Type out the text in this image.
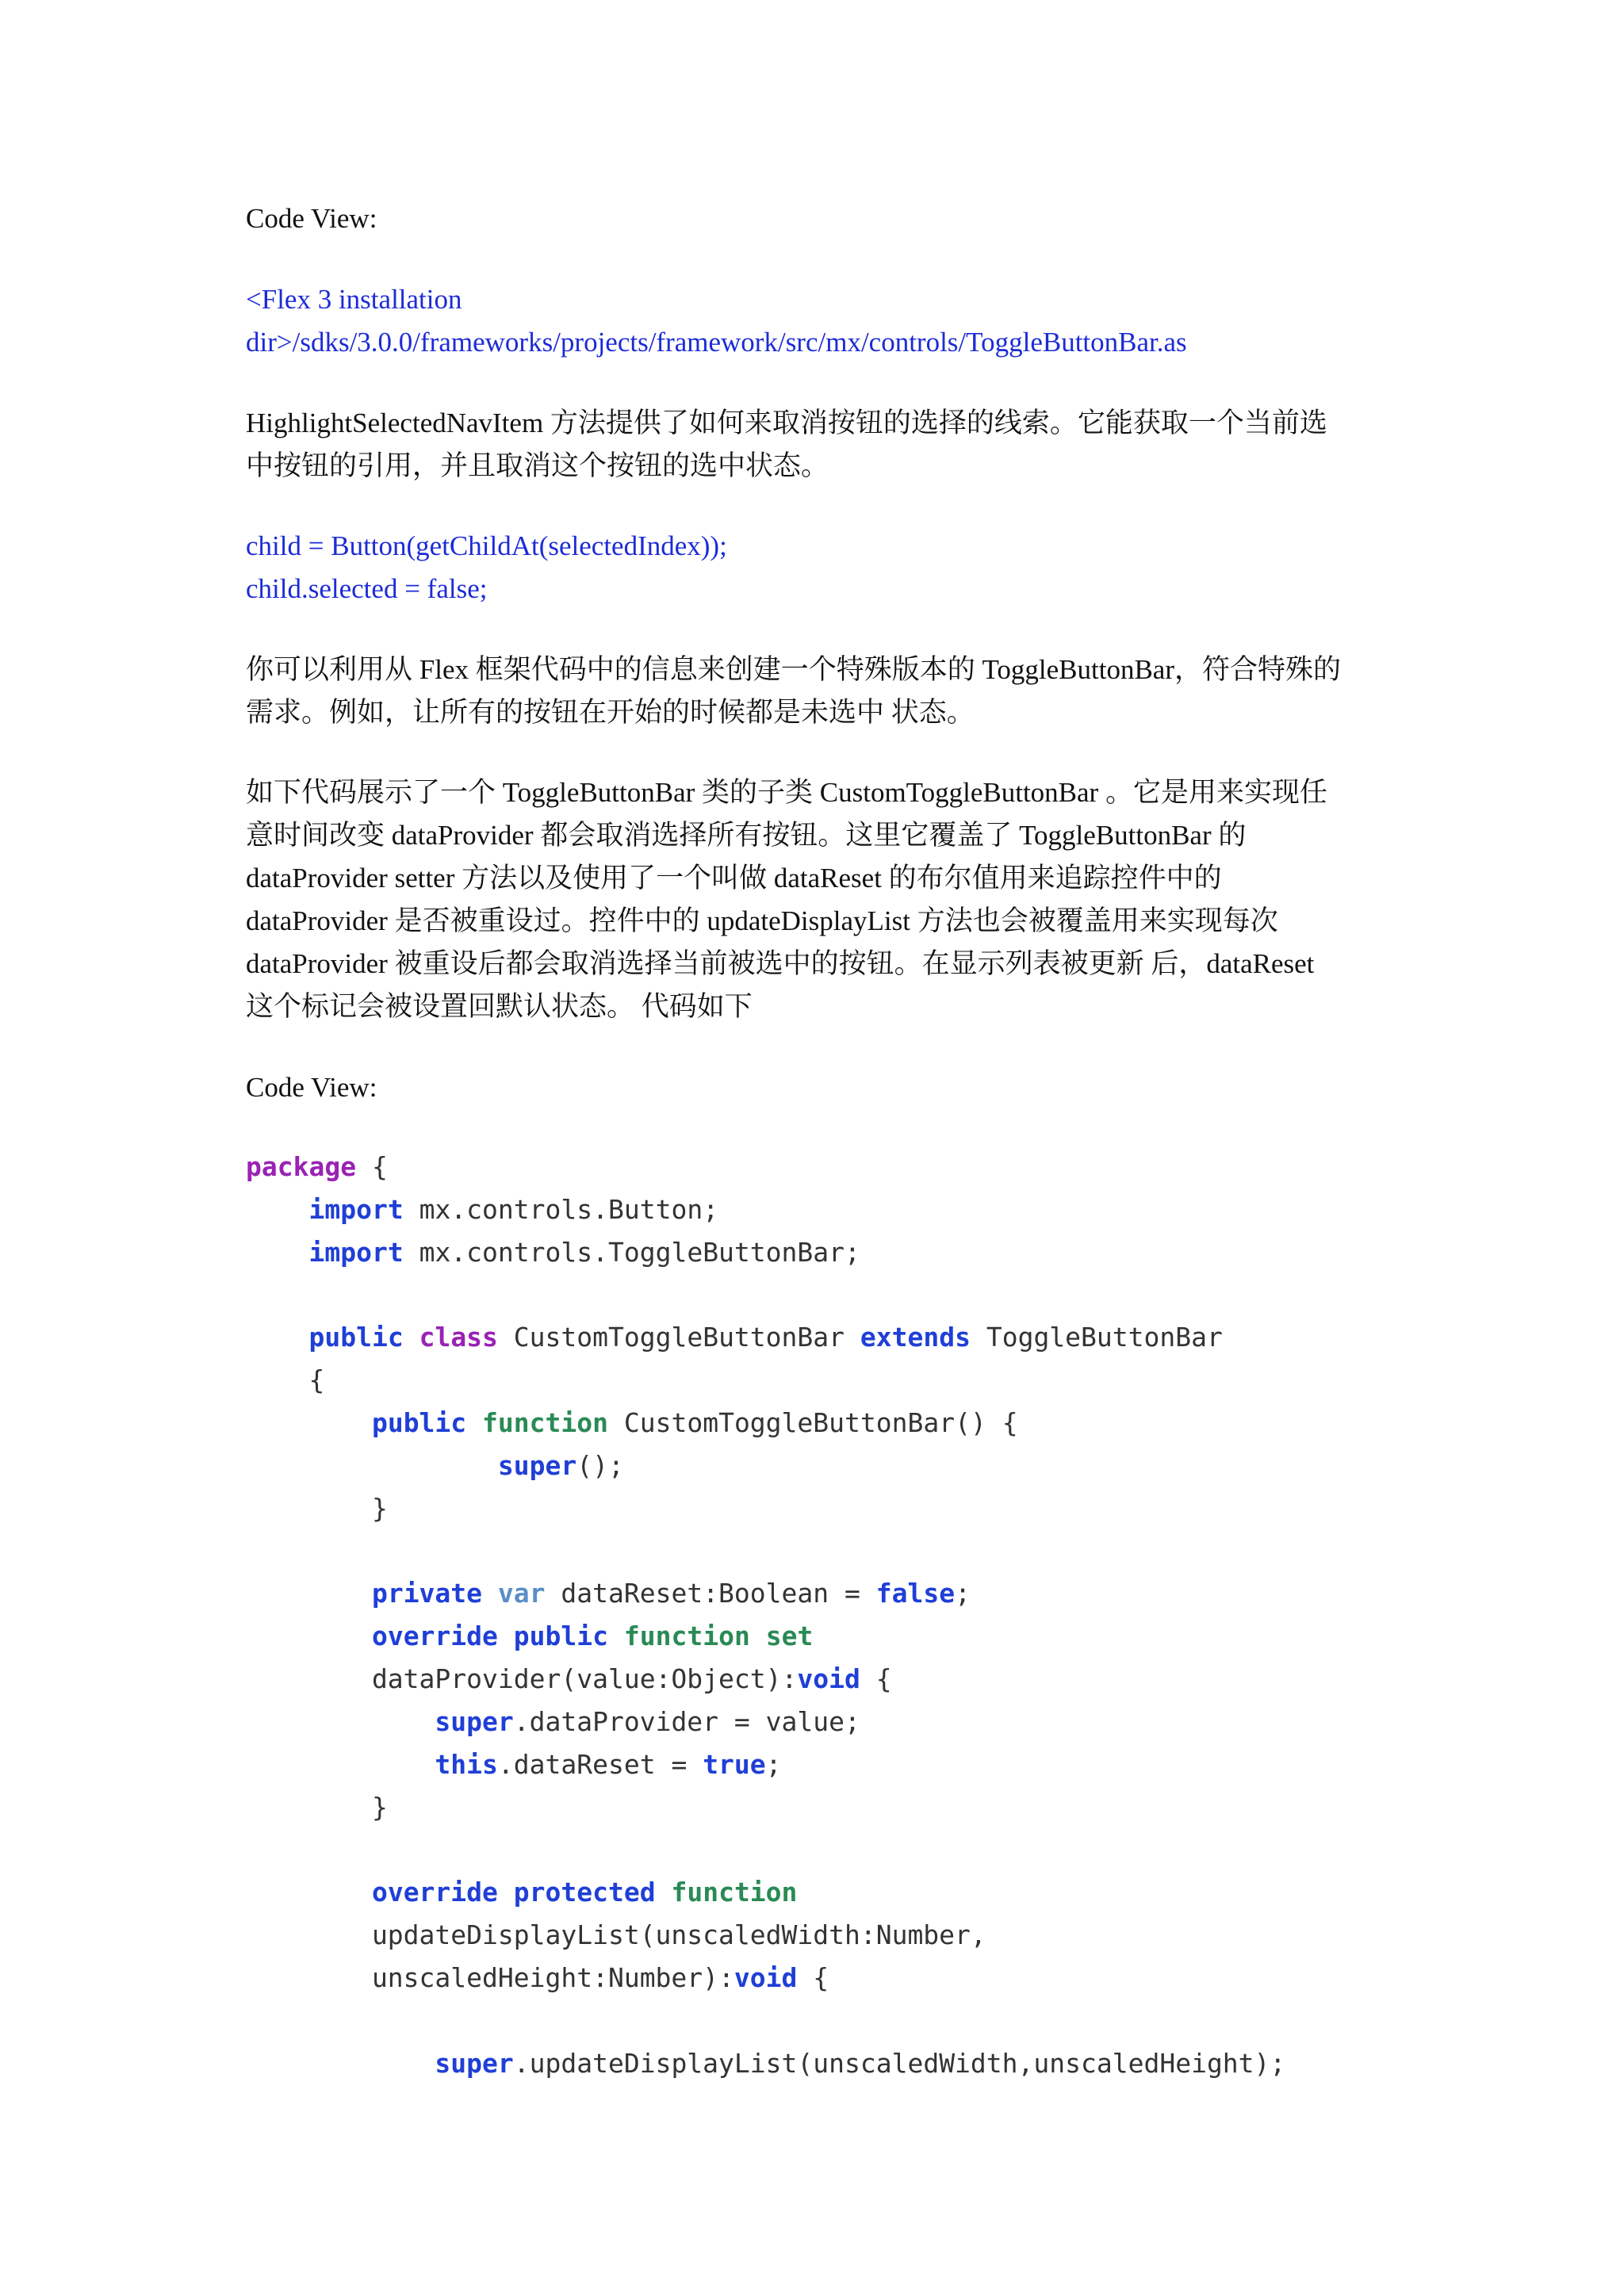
Code View:
<Flex 3 installation
dir>/sdks/3.0.0/frameworks/projects/framework/src/mx/controls/ToggleButtonBar.as
HighlightSelectedNavItem 方法提供了如何来取消按钮的选择的线索。它能获取一个当前选
中按钮的引用，并且取消这个按钮的选中状态。
child = Button(getChildAt(selectedIndex));
child.selected = false;
你可以利用从 Flex 框架代码中的信息来创建一个特殊版本的 ToggleButtonBar，符合特殊的
需求。例如，让所有的按钮在开始的时候都是未选中 状态。
如下代码展示了一个 ToggleButtonBar 类的子类 CustomToggleButtonBar 。它是用来实现任
意时间改变 dataProvider 都会取消选择所有按钮。这里它覆盖了 ToggleButtonBar 的
dataProvider setter 方法以及使用了一个叫做 dataReset 的布尔值用来追踪控件中的
dataProvider 是否被重设过。控件中的 updateDisplayList 方法也会被覆盖用来实现每次
dataProvider 被重设后都会取消选择当前被选中的按钮。在显示列表被更新 后，dataReset
这个标记会被设置回默认状态。 代码如下
Code View:
package {
import mx.controls.Button;
import mx.controls.ToggleButtonBar;
public class CustomToggleButtonBar extends ToggleButtonBar
{
public function CustomToggleButtonBar() {
super();
}
private var dataReset:Boolean = false;
override public function set
dataProvider(value:Object):void {
super.dataProvider = value;
this.dataReset = true;
}
override protected function
updateDisplayList(unscaledWidth:Number,
unscaledHeight:Number):void {
super.updateDisplayList(unscaledWidth,unscaledHeight);
